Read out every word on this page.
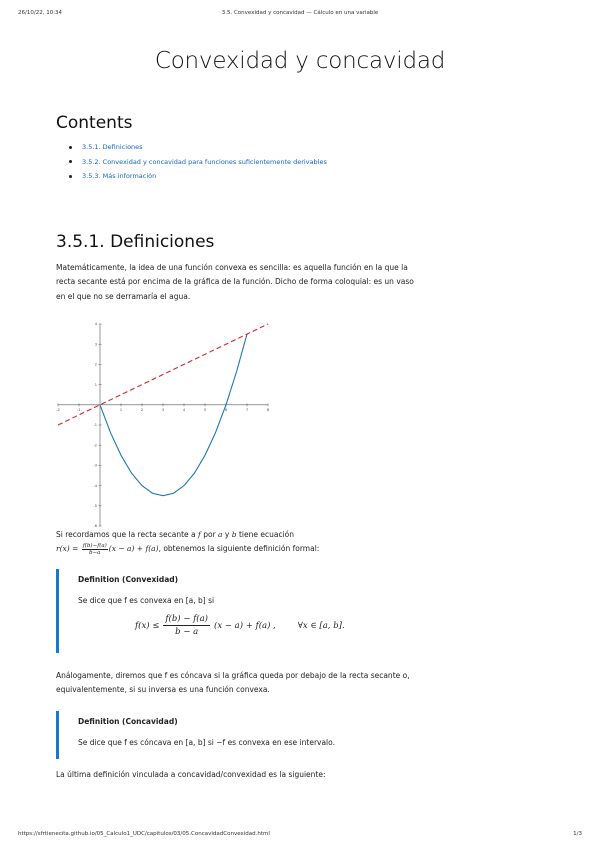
26/10/22, 10:34	3.5. Convexidad y concavidad — Cálculo en una variable
Convexidad y concavidad
Contents
3.5.1. Definiciones
3.5.2. Convexidad y concavidad para funciones suficientemente derivables
3.5.3. Más información
3.5.1. Definiciones

Matemáticamente, la idea de una función convexa es sencilla: es aquella función en la que la recta secante está por encima de la gráfica de la función. Dicho de forma coloquial: es un vaso en el que no se derramaría el agua.

-2	-1	1	2	3	4	5	6	7	8
4
3
2
1
-1
-2
-3
-4
-5
-6

Si recordamos que la recta secante a f por a y b tiene ecuación
$r(x) = \frac{f(b)-f(a)}{b-a} (x - a) + f(a)$, obtenemos la siguiente definición formal:

Definition (Convexidad)
Se dice que f es convexa en [a, b] si
$f(x) \le \frac{f(b) - f(a)}{b - a} (x - a) + f(a)$ ,	∀x ∈ [a, b].

Análogamente, diremos que f es cóncava si la gráfica queda por debajo de la recta secante o, equivalentemente, si su inversa es una función convexa.

Definition (Concavidad)
Se dice que f es cóncava en [a, b] si −f es convexa en ese intervalo.

La última definición vinculada a concavidad/convexidad es la siguiente:

https://sfrtienecita.github.io/05_Calculo1_UDC/capitulos/03/05.ConcavidadConvexidad.html	1/3
